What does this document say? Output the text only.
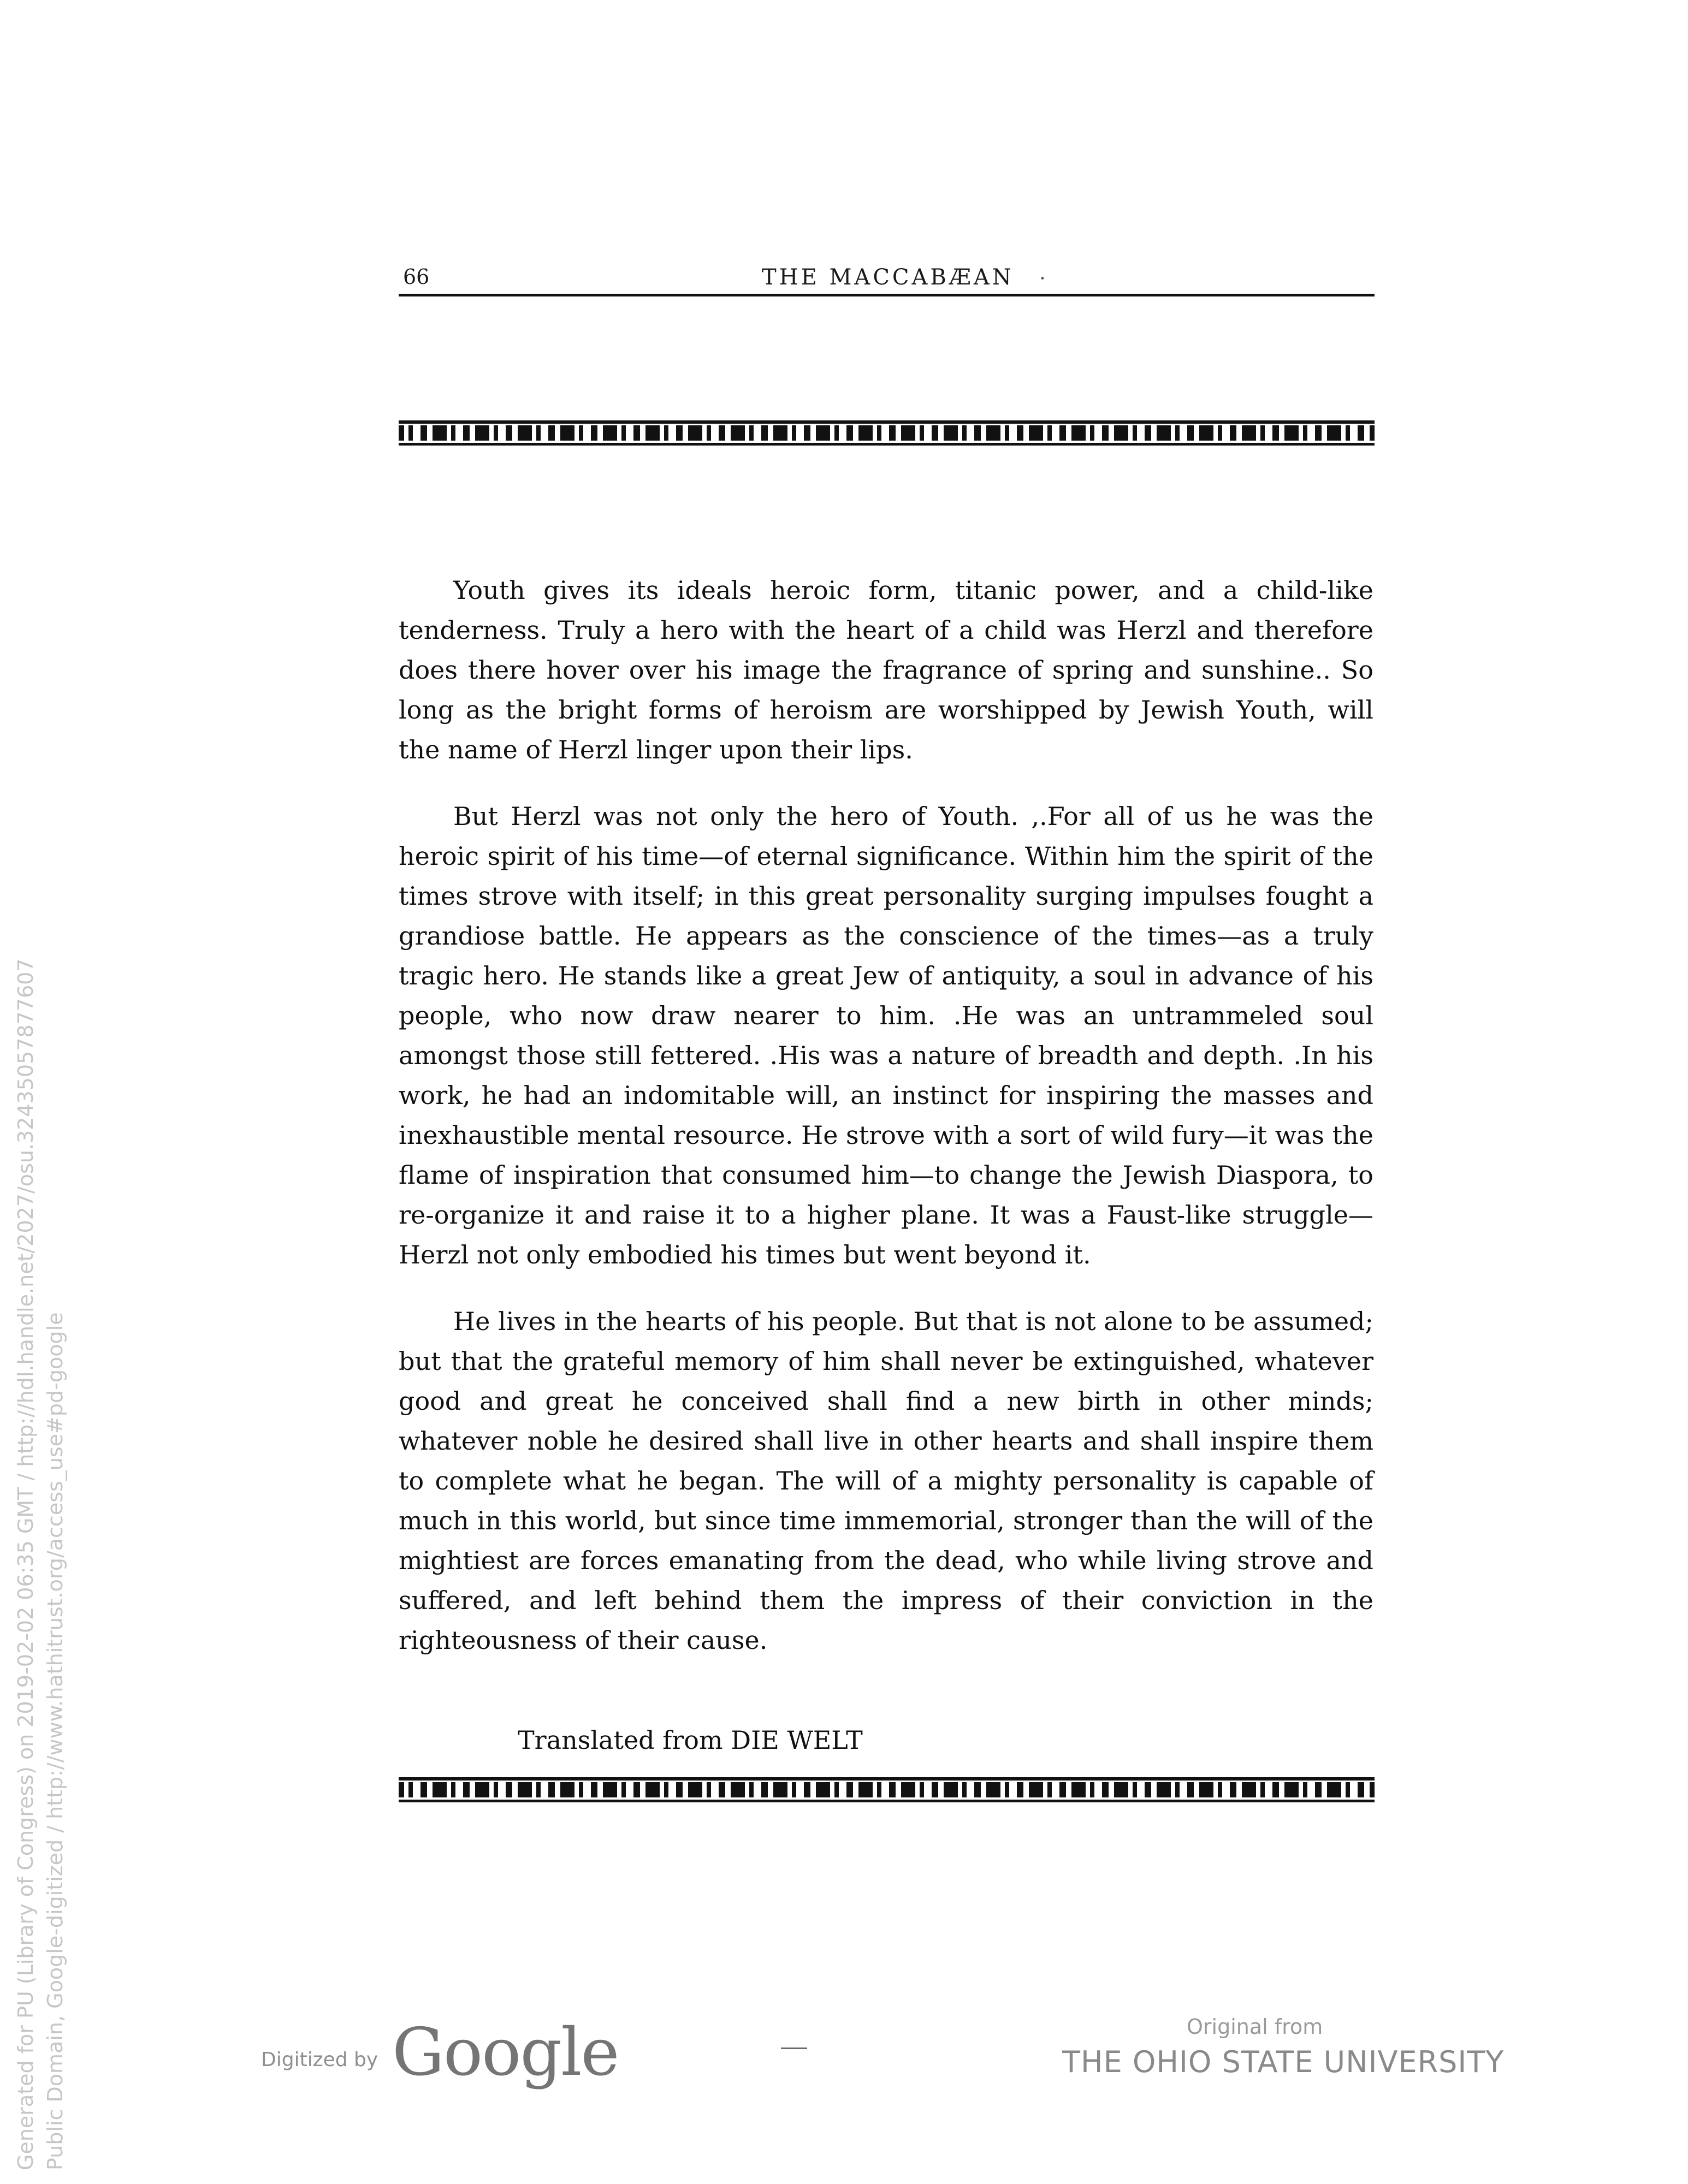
66	THE MACCABÆAN ·

Youth gives its ideals heroic form, titanic power, and a child-like tenderness. Truly a hero with the heart of a child was Herzl and therefore does there hover over his image the fragrance of spring and sunshine.. So long as the bright forms of heroism are worshipped by Jewish Youth, will the name of Herzl linger upon their lips.

But Herzl was not only the hero of Youth. ,.For all of us he was the heroic spirit of his time—of eternal significance. Within him the spirit of the times strove with itself; in this great personality surging impulses fought a grandiose battle. He appears as the conscience of the times—as a truly tragic hero. He stands like a great Jew of antiquity, a soul in advance of his people, who now draw nearer to him. .He was an untrammeled soul amongst those still fettered. .His was a nature of breadth and depth. .In his work, he had an indomitable will, an instinct for inspiring the masses and inexhaustible mental resource. He strove with a sort of wild fury—it was the flame of inspiration that consumed him—to change the Jewish Diaspora, to re-organize it and raise it to a higher plane. It was a Faust-like struggle—Herzl not only embodied his times but went beyond it.

He lives in the hearts of his people. But that is not alone to be assumed; but that the grateful memory of him shall never be extinguished, whatever good and great he conceived shall find a new birth in other minds; whatever noble he desired shall live in other hearts and shall inspire them to complete what he began. The will of a mighty personality is capable of much in this world, but since time immemorial, stronger than the will of the mightiest are forces emanating from the dead, who while living strove and suffered, and left behind them the impress of their conviction in the righteousness of their cause.

Translated from DIE WELT
Generated for PU (Library of Congress) on 2019-02-02 06:35 GMT / http://hdl.handle.net/2027/osu.32435057877607 Public Domain, Google-digitized / http://www.hathitrust.org/access_use#pd-google	Digitized by Google	Original from
THE OHIO STATE UNIVERSITY
